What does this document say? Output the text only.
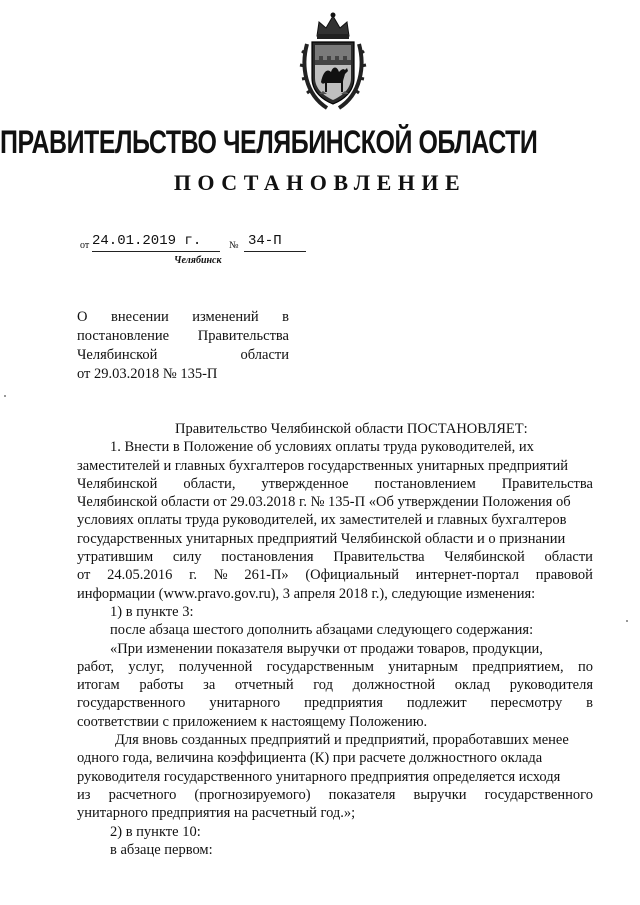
ПРАВИТЕЛЬСТВО ЧЕЛЯБИНСКОЙ ОБЛАСТИ
ПОСТАНОВЛЕНИЕ
от 24.01.2019 г.	№ 34-П
Челябинск
О внесении изменений в
постановление Правительства
Челябинской	области
от 29.03.2018 № 135-П
Правительство Челябинской области ПОСТАНОВЛЯЕТ:
1. Внести в Положение об условиях оплаты труда руководителей, их
заместителей и главных бухгалтеров государственных унитарных предприятий
Челябинской области, утвержденное постановлением Правительства
Челябинской области от 29.03.2018 г. № 135-П «Об утверждении Положения об
условиях оплаты труда руководителей, их заместителей и главных бухгалтеров
государственных унитарных предприятий Челябинской области и о признании
утратившим силу постановления Правительства Челябинской области
от 24.05.2016 г. № 261-П» (Официальный интернет-портал правовой
информации (www.pravo.gov.ru), 3 апреля 2018 г.), следующие изменения:
1) в пункте 3:
после абзаца шестого дополнить абзацами следующего содержания:
«При изменении показателя выручки от продажи товаров, продукции,
работ, услуг, полученной государственным унитарным предприятием, по
итогам работы за отчетный год должностной оклад руководителя
государственного унитарного предприятия подлежит пересмотру в
соответствии с приложением к настоящему Положению.
Для вновь созданных предприятий и предприятий, проработавших менее
одного года, величина коэффициента (К) при расчете должностного оклада
руководителя государственного унитарного предприятия определяется исходя
из расчетного (прогнозируемого) показателя выручки государственного
унитарного предприятия на расчетный год.»;
2) в пункте 10:
в абзаце первом:
